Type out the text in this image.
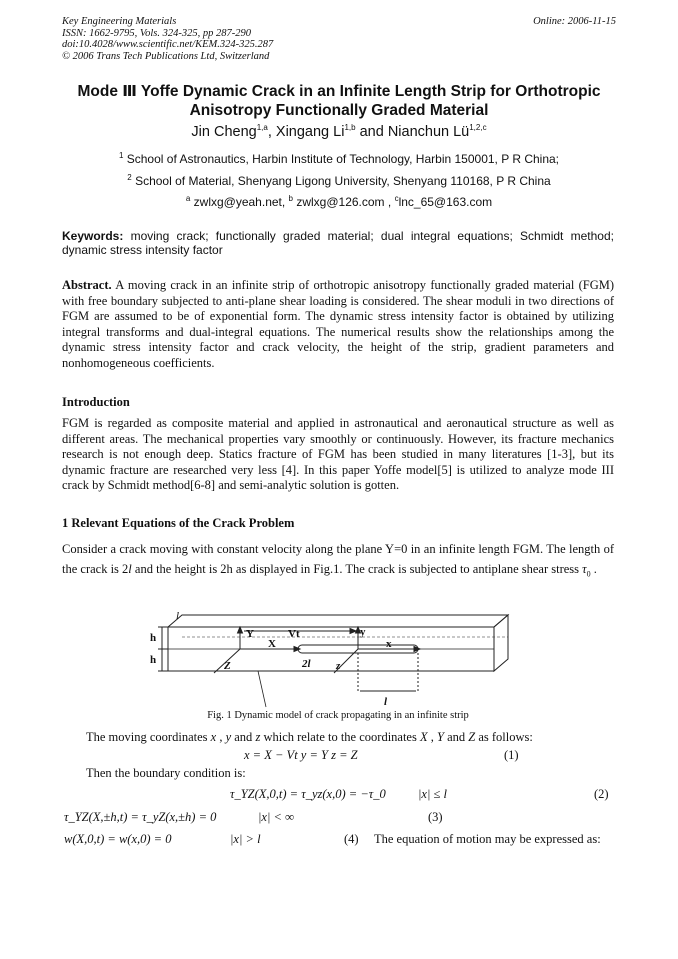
Key Engineering Materials
ISSN: 1662-9795, Vols. 324-325, pp 287-290
doi:10.4028/www.scientific.net/KEM.324-325.287
© 2006 Trans Tech Publications Ltd, Switzerland
Online: 2006-11-15
Mode Ⅲ Yoffe Dynamic Crack in an Infinite Length Strip for Orthotropic
Anisotropy Functionally Graded Material
Jin Cheng$^{1,a}$, Xingang Li$^{1,b}$ and Nianchun Lü$^{1,2,c}$
$^1$ School of Astronautics, Harbin Institute of Technology, Harbin 150001, P R China;
$^2$ School of Material, Shenyang Ligong University, Shenyang 110168, P R China
$^a$ zwlxg@yeah.net, $^b$ zwlxg@126.com , $^c$lnc_65@163.com
Keywords: moving crack; functionally graded material; dual integral equations; Schmidt method; dynamic stress intensity factor
Abstract. A moving crack in an infinite strip of orthotropic anisotropy functionally graded material (FGM) with free boundary subjected to anti-plane shear loading is considered. The shear moduli in two directions of FGM are assumed to be of exponential form. The dynamic stress intensity factor is obtained by utilizing integral transforms and dual-integral equations. The numerical results show the relationships among the dynamic stress intensity factor and crack velocity, the height of the strip, gradient parameters and nonhomogeneous coefficients.
Introduction
FGM is regarded as composite material and applied in astronautical and aeronautical structure as well as different areas. The mechanical properties vary smoothly or continuously. However, its fracture mechanics research is not enough deep. Statics fracture of FGM has been studied in many literatures [1-3], but its dynamic fracture are researched very less [4]. In this paper Yoffe model[5] is utilized to analyze mode III crack by Schmidt method[6-8] and semi-analytic solution is gotten.
1 Relevant Equations of the Crack Problem
Consider a crack moving with constant velocity along the plane Y=0 in an infinite length FGM. The length of the crack is 2l and the height is 2h as displayed in Fig.1. The crack is subjected to antiplane shear stress $\tau_0$ .
l
h
h
Y	Vt	y
X	x
Z	z
2l
l
Fig. 1 Dynamic model of crack propagating in an infinite strip
The moving coordinates x , y and z which relate to the coordinates X , Y and Z as follows:
x = X − Vt y = Y z = Z	(1)
Then the boundary condition is:
τ_YZ(X,0,t) = τ_yz(x,0) = −τ_0	|x| ≤ l	(2)
τ_YZ(X,±h,t) = τ_yZ(x,±h) = 0	|x| < ∞	(3)
w(X,0,t) = w(x,0) = 0	|x| > l	(4) The equation of motion may be expressed as:
